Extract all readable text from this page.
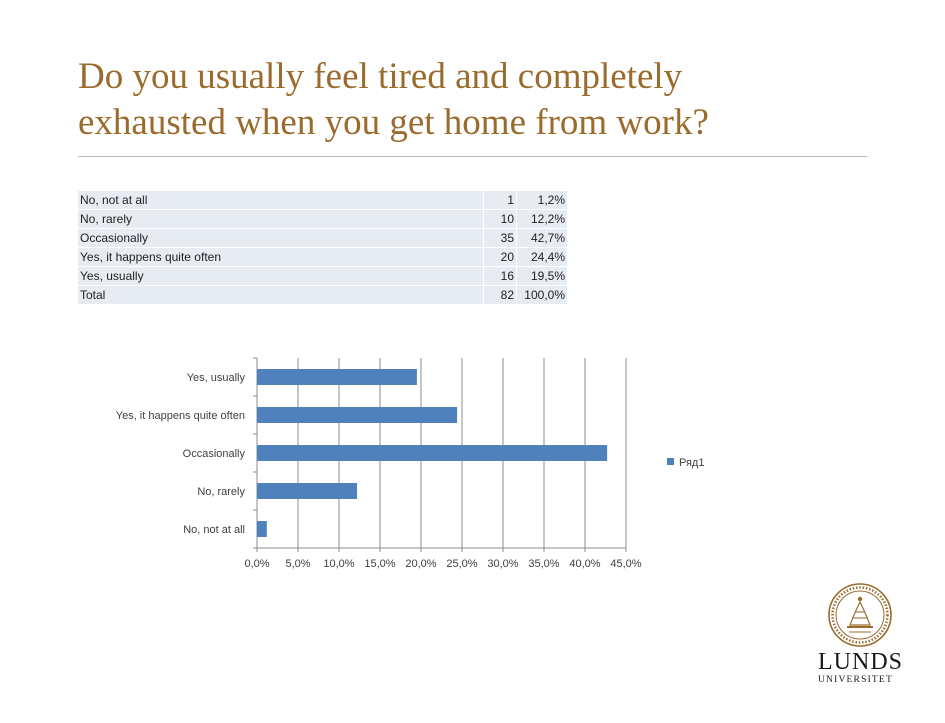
Do you usually feel tired and completely
exhausted when you get home from work?
No, not at all	1	1,2%
No, rarely	10	12,2%
Occasionally	35	42,7%
Yes, it happens quite often	20	24,4%
Yes, usually	16	19,5%
Total	82	100,0%
0,0% 5,0% 10,0% 15,0% 20,0% 25,0% 30,0% 35,0% 40,0% 45,0%
No, not at all
No, rarely
Occasionally
Yes, it happens quite often
Yes, usually
Ряд1
LUNDS
UNIVERSITET
